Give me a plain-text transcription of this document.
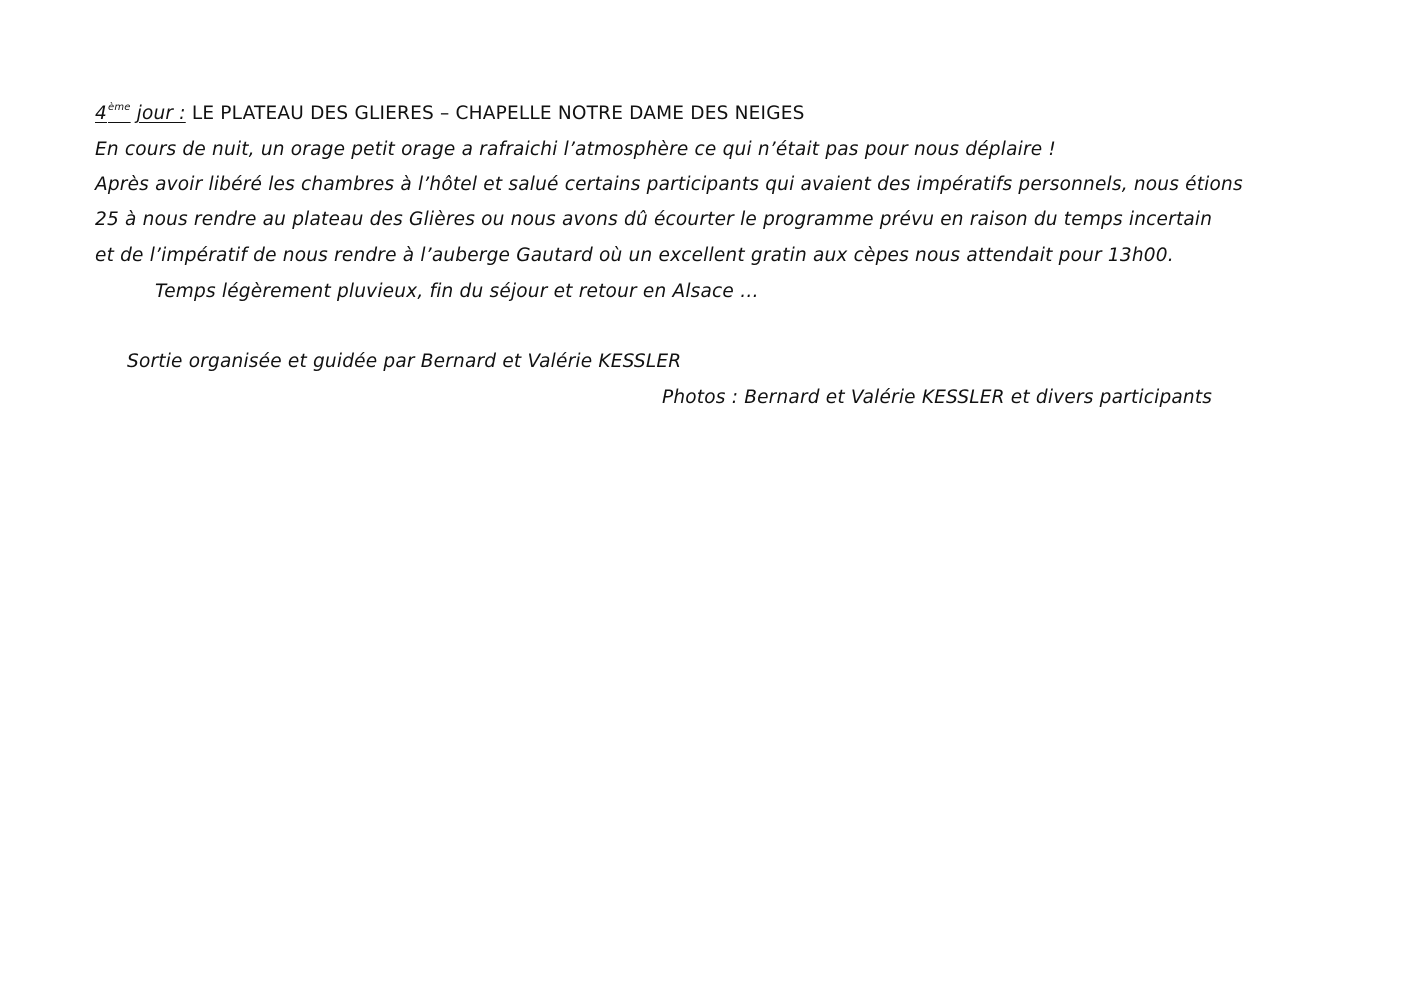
4ème jour : LE PLATEAU DES GLIERES – CHAPELLE NOTRE DAME DES NEIGES
En cours de nuit, un orage petit orage a rafraichi l’atmosphère ce qui n’était pas pour nous déplaire !
Après avoir libéré les chambres à l’hôtel et salué certains participants qui avaient des impératifs personnels, nous étions
25 à nous rendre au plateau des Glières ou nous avons dû écourter le programme prévu en raison du temps incertain
et de l’impératif de nous rendre à l’auberge Gautard où un excellent gratin aux cèpes nous attendait pour 13h00.
Temps légèrement pluvieux, fin du séjour et retour en Alsace …
Sortie organisée et guidée par Bernard et Valérie KESSLER
Photos : Bernard et Valérie KESSLER et divers participants
